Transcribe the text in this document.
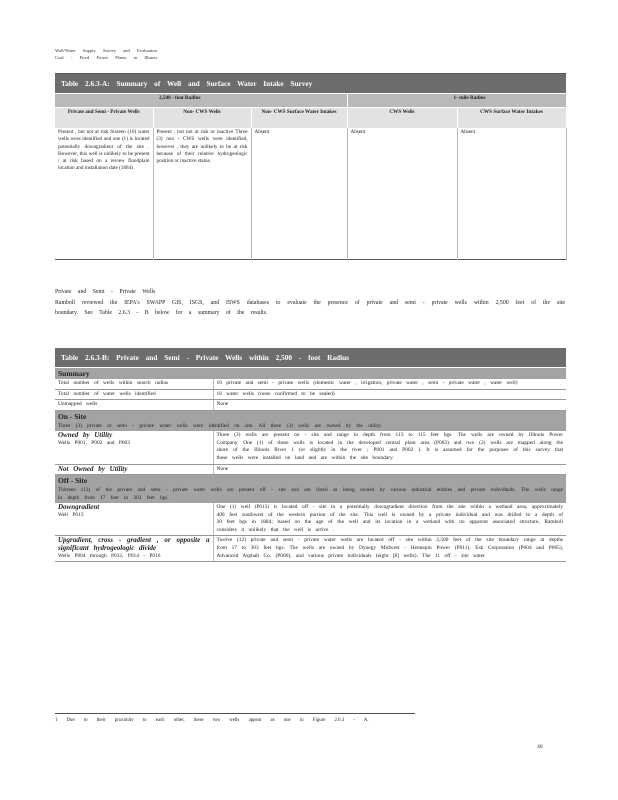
Well/Water Supply Survey and Evaluation
Coal - Fired Power Plants in Illinois
Table 2.6.3-A: Summary of Well and Surface Water Intake Survey				
2,500 - foot Radius			1- mile Radius	
Private and Semi - Private Wells	Non- CWS Wells	Non- CWS Surface Water Intakes	CWS Wells	CWS Surface Water Intakes
Present , but not at risk Sixteen (16) water wells were identified and one (1) is located potentially downgradient of the site . However, this well is unlikely to be present / at risk based on a review floodplain location and installation date (1884).	Present , but not at risk or inactive Three (3) non - CWS wells were identified, however , they are unlikely to be at risk because of their relative hydrogeologic position or inactive status.	Absent	Absent	Absent
Private and Semi - Private Wells
Ramboll reviewed the IEPA's SWAPP GIS, ISGS, and ISWS databases to evaluate the presence of private and semi - private wells within 2,500 feet of the site boundary. See Table 2.6.3 - B below for a summary of the results.
Table 2.6.3-B: Private and Semi - Private Wells within 2,500 - foot Radius	
Summary	
Total number of wells within search radius	16 private and semi - private wells (domestic water , irrigation, private water , semi - private water , water well)
Total number of water wells identified	16 water wells (none confirmed to be sealed)
Unmapped wells	None
On - Site	
Three (3) private or semi - private water wells were identified on site. All three (3) wells are owned by the utility.	

Owned by Utility
Wells P001, P002 and P003	Three (3) wells are present on - site and range in depth from 113 to 115 feet bgs. The wells are owned by Illinois Power Company. One (1) of these wells is located in the developed central plant area (P003) and two (2) wells are mapped along the shore of the Illinois River 1 (or slightly in the river ; P001 and P002 ). It is assumed for the purposes of this survey that these wells were installed on land and are within the site boundary.

Not Owned by Utility	None
Off - Site	
Thirteen (13) of the private and semi - private water wells are present off - site and are listed as being owned by various industrial entities and private individuals. The wells range in depth from 17 feet to 303 feet bgs.	

Downgradient
Well P013	One (1) well (P013) is located off - site in a potentially downgradient direction from the site within a wetland area, approximately 400 feet southwest of the western portion of the site. This well is owned by a private individual and was drilled to a depth of 30 feet bgs in 1884; based on the age of the well and its location in a wetland with no apparent associated structure, Ramboll considers it unlikely that the well is active .

Upgradient, cross - gradient , or opposite a significant hydrogeologic divide
Wells P004 through P012, P014 - P016	Twelve (12) private and semi - private water wells are located off - site within 2,500 feet of the site boundary range at depths from 17 to 303 feet bgs. The wells are owned by Dynegy Midwest - Hennepin Power (P011), Esk Corporation (P004 and P005), Advanced Asphalt Co. (P006), and various private individuals (eight [8] wells). The 11 off - site water
1 Due to their proximity to each other, these two wells appear as one in Figure 2.6.3 - A.
40
